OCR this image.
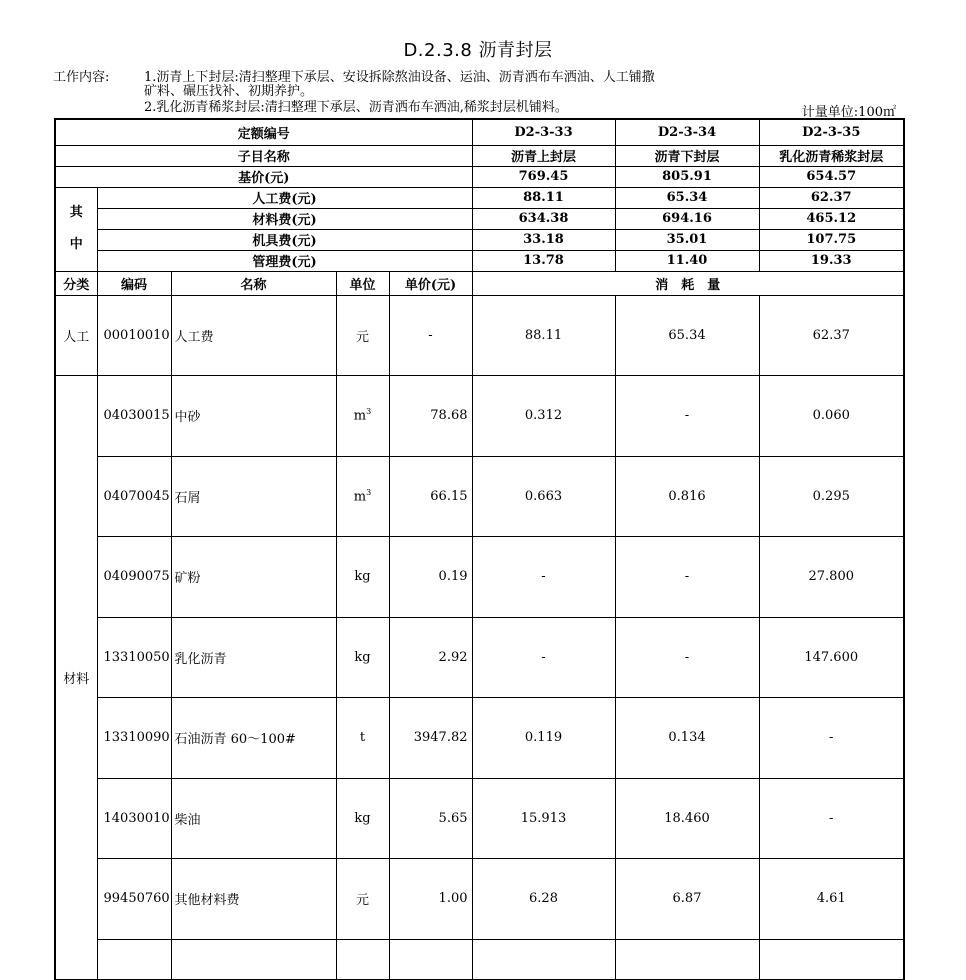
D.2.3.8 沥青封层
工作内容:	1.沥青上下封层:清扫整理下承层、安设拆除熬油设备、运油、沥青洒布车洒油、人工铺撒
矿料、碾压找补、初期养护。
2.乳化沥青稀浆封层:清扫整理下承层、沥青洒布车洒油,稀浆封层机铺料。	计量单位:100㎡
定额编号					D2-3-33	D2-3-34	D2-3-35
子目名称					沥青上封层	沥青下封层	乳化沥青稀浆封层
基价(元)					769.45	805.91	654.57
其中	人工费(元)				88.11	65.34	62.37
	材料费(元)				634.38	694.16	465.12
	机具费(元)				33.18	35.01	107.75
	管理费(元)				13.78	11.40	19.33
分类	编码	名称	单位	单价(元)	消　耗　量		
人工	00010010	人工费	元	-	88.11	65.34	62.37
材料	04030015	中砂	$m^3$	78.68	0.312	-	0.060
	04070045	石屑	$m^3$	66.15	0.663	0.816	0.295
	04090075	矿粉	kg	0.19	-	-	27.800
	13310050	乳化沥青	kg	2.92	-	-	147.600
	13310090	石油沥青 60～100#	t	3947.82	0.119	0.134	-
	14030010	柴油	kg	5.65	15.913	18.460	-
	99450760	其他材料费	元	1.00	6.28	6.87	4.61
